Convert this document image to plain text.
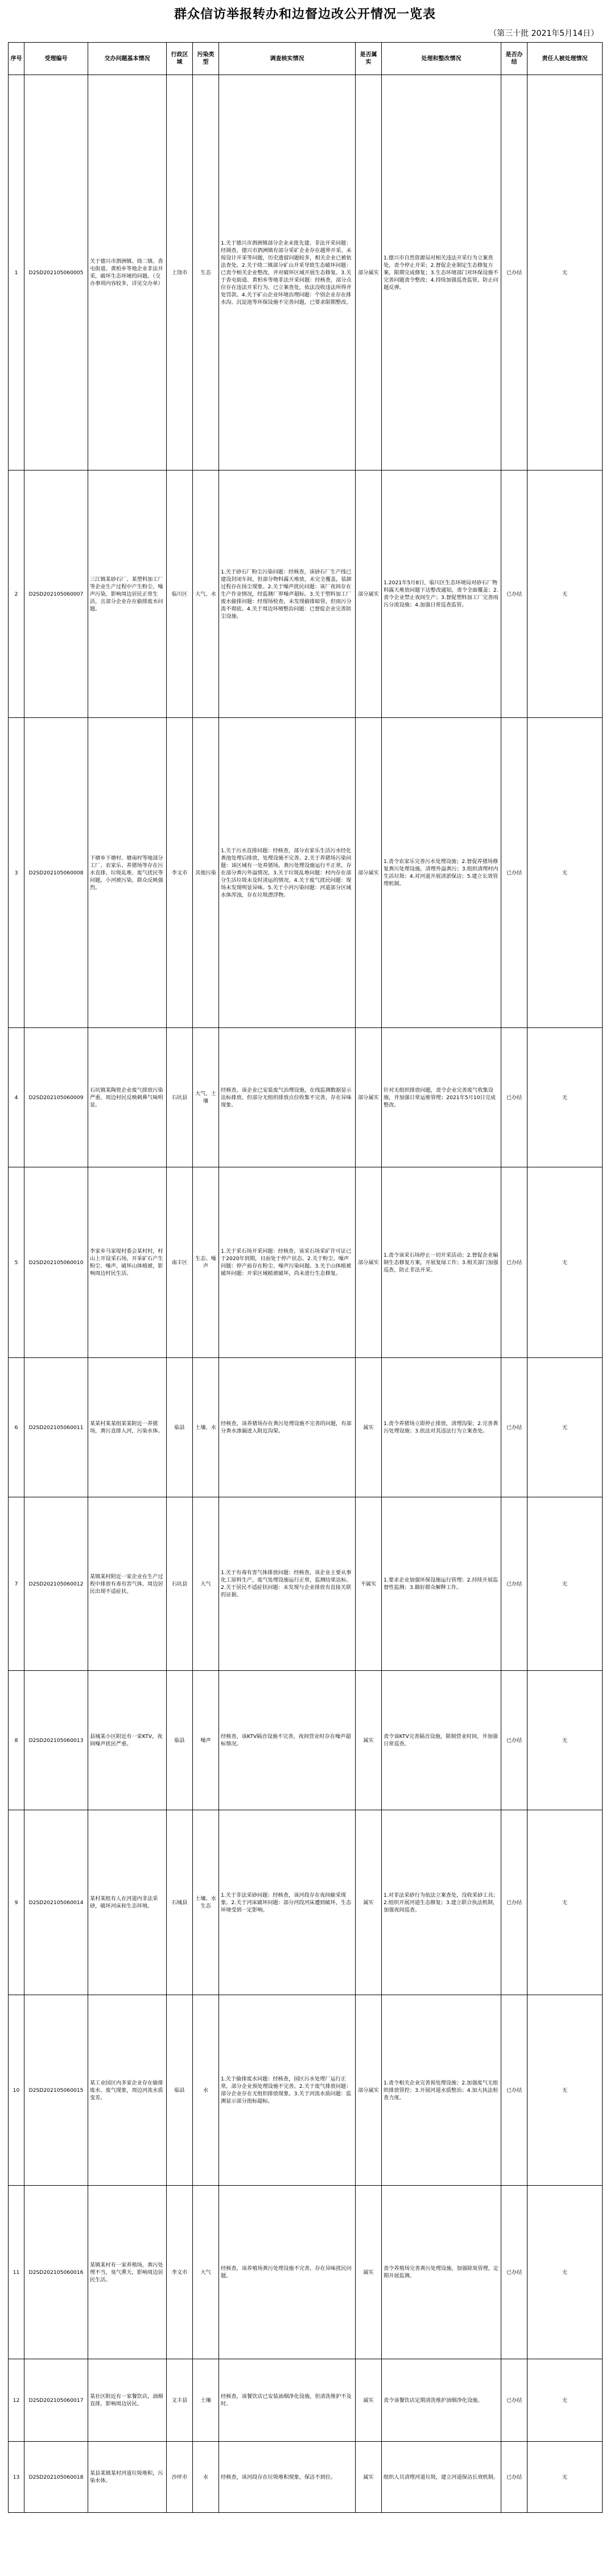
群众信访举报转办和边督边改公开情况一览表
（第三十批 2021年5月14日）
序号	受理编号	交办问题基本情况	行政区域	污染类型	调查核实情况	是否属实	处理和整改情况	是否办结	责任人被处理情况
1	D2SD202105060005	关于德兴市泗洲镇、绕二镇、香屯街道、黄柏乡等地企业非法开采，破坏生态环境的问题。（交办事项内容较多，详见交办单）	上饶市	生态	1.关于德兴市泗洲镇部分企业未批先建、非法开采问题：经调查，德兴市泗洲镇有部分采矿企业存在越界开采、未按设计开采等问题，历史遗留问题较多，相关企业已被依法查处。2.关于绕二镇部分矿山开采导致生态破坏问题：已责令相关企业整改，并对破坏区域开展生态修复。3.关于香屯街道、黄柏乡等地非法开采问题：经核查，部分点位存在违法开采行为，已立案查处，依法没收违法所得并处罚款。4.关于矿山企业环境治理问题：个别企业存在排水沟、沉淀池等环保设施不完善问题，已要求限期整改。	部分属实	1.德兴市自然资源局对相关违法开采行为立案查处，责令停止开采；2.督促企业制定生态修复方案，限期完成修复；3.生态环境部门对环保设施不完善问题责令整改；4.持续加强巡查监管，防止问题反弹。	已办结	无
2	D2SD202105060007	三江镇某砂石厂、某塑料加工厂等企业生产过程中产生粉尘、噪声污染，影响周边居民正常生活，且部分企业存在偷排废水问题。	临川区	大气、水	1.关于砂石厂粉尘污染问题：经核查，该砂石厂生产线已建设封闭车间，但部分物料露天堆放，未完全覆盖，装卸过程存在扬尘现象。2.关于噪声扰民问题：该厂夜间存在生产作业情况，经监测厂界噪声超标。3.关于塑料加工厂废水偷排问题：经现场检查，未发现偷排暗管，但雨污分流不彻底。4.关于周边环境整治问题：已督促企业完善防尘设施。	部分属实	1.2021年5月8日，临川区生态环境局对砂石厂物料露天堆放问题下达整改通知，责令全面覆盖；2.责令企业禁止夜间生产；3.督促塑料加工厂完善雨污分流设施；4.加强日常巡查监管。	已办结	无
3	D2SD202105060008	下塘乡下塘村、塘南村等地部分工厂、农家乐、养猪场等存在污水直排、垃圾乱堆、废气扰民等问题，小河被污染，群众反映强烈。	李文市	其他污染	1.关于污水直排问题：经核查，部分农家乐生活污水经化粪池处理后排放，处理设施不完善。2.关于养猪场污染问题：该区域有一处养猪场，粪污处理设施运行不正常，存在部分粪污外溢情况。3.关于垃圾乱堆问题：村内存在部分生活垃圾未及时清运的情况。4.关于废气扰民问题：现场未发现明显异味。5.关于小河污染问题：河道部分区域水体浑浊，存在垃圾漂浮物。	部分属实	1.责令农家乐完善污水处理设施；2.督促养猪场修复粪污处理设施，清理外溢粪污；3.组织清理村内生活垃圾；4.对河道开展清淤保洁；5.建立长效管理机制。	已办结	无
4	D2SD202105060009	石坑镇某陶瓷企业废气排放污染严重，周边村民反映刺鼻气味明显。	石坑县	大气、土壤	经核查，该企业已安装废气治理设施，在线监测数据显示达标排放，但部分无组织排放点位收集不完善，存在异味现象。	部分属实	针对无组织排放问题，责令企业完善废气收集设施，并加强日常运维管理；2021年5月10日完成整改。	已办结	无
5	D2SD202105060010	李家乡马家堤村委会某村村，村山上开设采石场，开采矿石产生粉尘、噪声，破坏山体植被，影响周边村民生活。	南丰区	生态、噪声	1.关于采石场开采问题：经核查，该采石场采矿许可证已于2020年到期，目前处于停产状态。2.关于粉尘、噪声问题：停产前存在粉尘、噪声污染问题。3.关于山体植被破坏问题：开采区域植被破坏，尚未进行生态修复。	部分属实	1.责令该采石场停止一切开采活动；2.督促企业编制生态修复方案，开展复绿工作；3.相关部门加强巡查，防止非法开采。	已办结	无
6	D2SD202105060011	某某村某某组某某附近一养猪场，粪污直排入河，污染水体。	临县	土壤、水	经核查，该养猪场存在粪污处理设施不完善的问题，有部分粪水渗漏进入附近沟渠。	属实	1.责令养猪场立即停止排放，清理沟渠；2.完善粪污处理设施；3.依法对其违法行为立案查处。	已办结	无
7	D2SD202105060012	某镇某村附近一家企业在生产过程中排放有毒有害气体，周边居民出现不适症状。	石坑县	大气	1.关于有毒有害气体排放问题：经核查，该企业主要从事化工原料生产，废气处理设施运行正常，监测结果达标。2.关于居民不适症状问题：未发现与企业排放有直接关联的证据。	不属实	1.要求企业加强环保设施运行管理；2.持续开展监督性监测；3.做好群众解释工作。	已办结	无
8	D2SD202105060013	县城某小区附近有一家KTV，夜间噪声扰民严重。	临县	噪声	经核查，该KTV隔音设施不完善，夜间营业时存在噪声超标情况。	属实	责令该KTV完善隔音设施，限制营业时间，并加强日常巡查。	已办结	无
9	D2SD202105060014	某村某组有人在河道内非法采砂，破坏河床和生态环境。	石城县	土壤、水生态	1.关于非法采砂问题：经核查，该河段存在夜间偷采现象。2.关于河床破坏问题：部分河段河床遭到破坏，生态环境受到一定影响。	属实	1.对非法采砂行为依法立案查处，没收采砂工具；2.组织开展河道生态修复；3.建立联合执法机制，加强夜间巡查。	已办结	无
10	D2SD202105060015	某工业园区内多家企业存在偷排废水、废气现象，周边河流水质变差。	临县	水	1.关于偷排废水问题：经核查，园区污水处理厂运行正常，部分企业预处理设施不完善。2.关于废气排放问题：部分企业存在无组织排放现象。3.关于河流水质问题：监测显示部分指标超标。	部分属实	1.责令相关企业完善预处理设施；2.加强废气无组织排放管控；3.开展河道水质整治；4.加大执法检查力度。	已办结	无
11	D2SD202105060016	某镇某村有一家养殖场，粪污处理不当，臭气熏天，影响周边居民生活。	李文市	大气	经核查，该养殖场粪污处理设施不完善，存在异味扰民问题。	属实	责令养殖场完善粪污处理设施，加强除臭管理，定期开展监测。	已办结	无
12	D2SD202105060017	某社区附近有一家餐饮店，油烟直排，影响周边居民。	文丰县	土壤	经核查，该餐饮店已安装油烟净化设施，但清洗维护不及时。	属实	责令该餐饮店定期清洗维护油烟净化设施。	已办结	无
13	D2SD202105060018	某县某镇某村河道垃圾堆积，污染水体。	沙坪市	水	经核查，该河段存在垃圾堆积现象，保洁不到位。	属实	组织人员清理河道垃圾，建立河道保洁长效机制。	已办结	无
